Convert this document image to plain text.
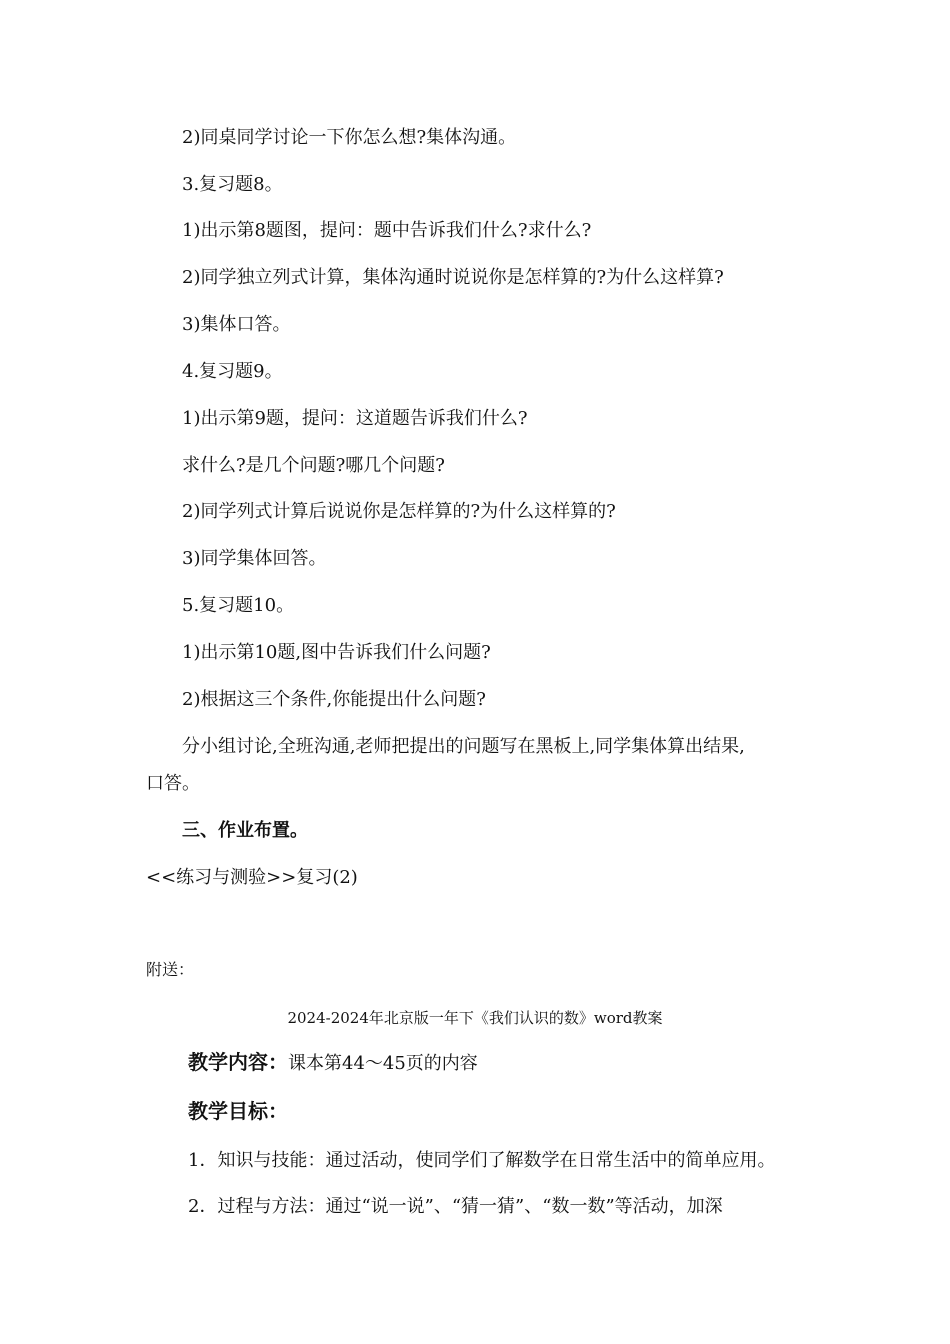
2)同桌同学讨论一下你怎么想?集体沟通。
3.复习题8。
1)出示第8题图，提问：题中告诉我们什么?求什么?
2)同学独立列式计算，集体沟通时说说你是怎样算的?为什么这样算?
3)集体口答。
4.复习题9。
1)出示第9题，提问：这道题告诉我们什么?
求什么?是几个问题?哪几个问题?
2)同学列式计算后说说你是怎样算的?为什么这样算的?
3)同学集体回答。
5.复习题10。
1)出示第10题,图中告诉我们什么问题?
2)根据这三个条件,你能提出什么问题?
分小组讨论,全班沟通,老师把提出的问题写在黑板上,同学集体算出结果,
口答。
三、作业布置。
<<练习与测验>>复习(2)
附送：
2024-2024年北京版一年下《我们认识的数》word教案
教学内容：课本第44～45页的内容
教学目标：
1．知识与技能：通过活动，使同学们了解数学在日常生活中的简单应用。
2．过程与方法：通过“说一说”、“猜一猜”、“数一数”等活动，加深
